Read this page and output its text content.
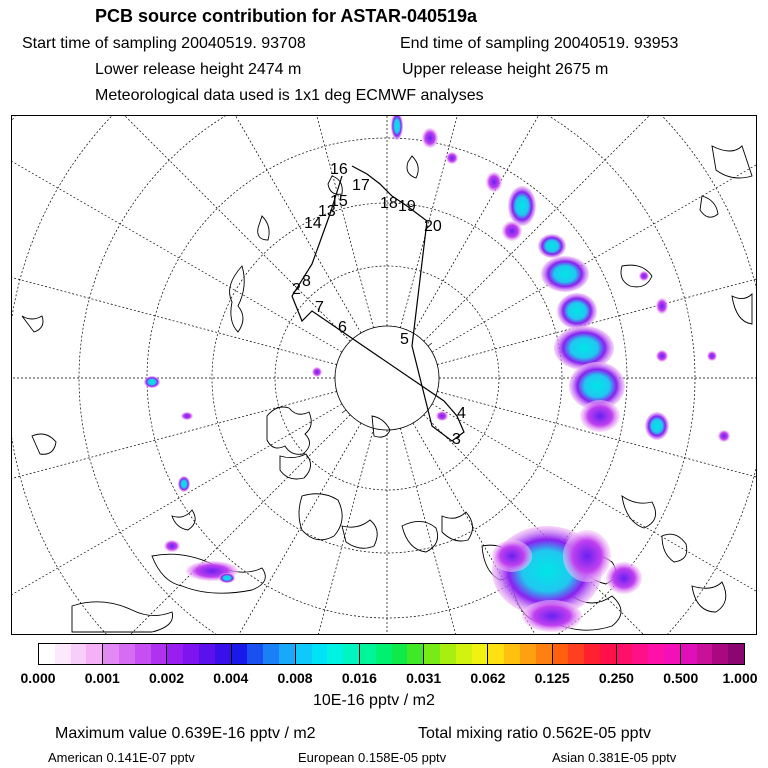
PCB source contribution for ASTAR-040519a
Start time of sampling 20040519. 93708	End time of sampling 20040519. 93953
Lower release height 2474 m	Upper release height 2675 m
Meteorological data used is 1x1 deg ECMWF analyses
16
17
15 18 19
20
14
13
8
7
6
5
4
3
2
0.000 0.001 0.002 0.004 0.008 0.016 0.031 0.062 0.125 0.250 0.500 1.000
10E-16 pptv / m2
Maximum value 0.639E-16 pptv / m2	Total mixing ratio 0.562E-05 pptv
American 0.141E-07 pptv	European 0.158E-05 pptv	Asian 0.381E-05 pptv
